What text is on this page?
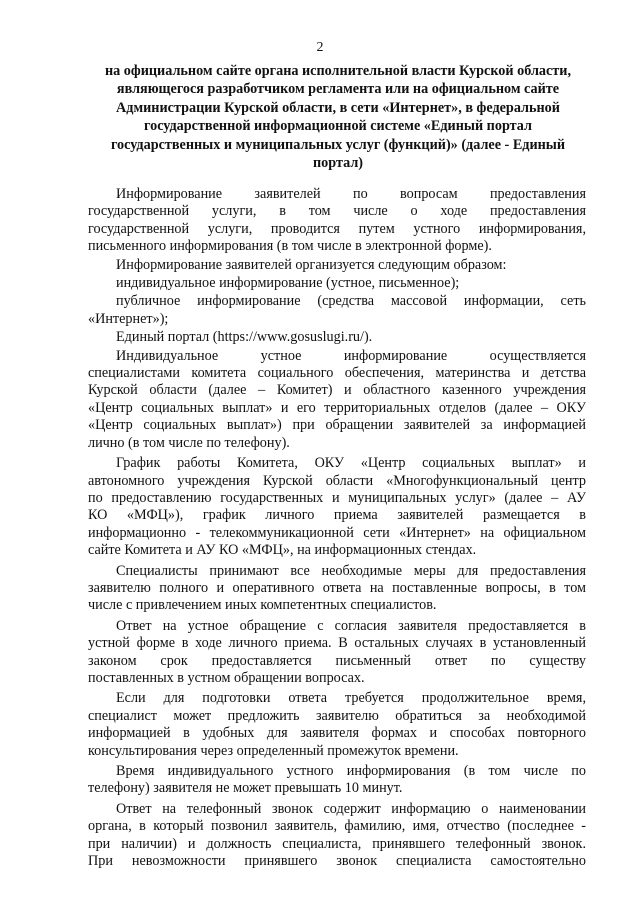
2
на официальном сайте органа исполнительной власти Курской области,
являющегося разработчиком регламента или на официальном сайте
Администрации Курской области, в сети «Интернет», в федеральной
государственной информационной системе «Единый портал
государственных и муниципальных услуг (функций)» (далее - Единый
портал)
Информирование заявителей по вопросам предоставления
государственной услуги, в том числе о ходе предоставления
государственной услуги, проводится путем устного информирования,
письменного информирования (в том числе в электронной форме).
Информирование заявителей организуется следующим образом:
индивидуальное информирование (устное, письменное);
публичное информирование (средства массовой информации, сеть
«Интернет»);
Единый портал (https://www.gosuslugi.ru/).
Индивидуальное устное информирование осуществляется
специалистами комитета социального обеспечения, материнства и детства
Курской области (далее – Комитет) и областного казенного учреждения
«Центр социальных выплат» и его территориальных отделов (далее – ОКУ
«Центр социальных выплат») при обращении заявителей за информацией
лично (в том числе по телефону).
График работы Комитета, ОКУ «Центр социальных выплат» и
автономного учреждения Курской области «Многофункциональный центр
по предоставлению государственных и муниципальных услуг» (далее – АУ
КО «МФЦ»), график личного приема заявителей размещается в
информационно - телекоммуникационной сети «Интернет» на официальном
сайте Комитета и АУ КО «МФЦ», на информационных стендах.
Специалисты принимают все необходимые меры для предоставления
заявителю полного и оперативного ответа на поставленные вопросы, в том
числе с привлечением иных компетентных специалистов.
Ответ на устное обращение с согласия заявителя предоставляется в
устной форме в ходе личного приема. В остальных случаях в установленный
законом срок предоставляется письменный ответ по существу
поставленных в устном обращении вопросах.
Если для подготовки ответа требуется продолжительное время,
специалист может предложить заявителю обратиться за необходимой
информацией в удобных для заявителя формах и способах повторного
консультирования через определенный промежуток времени.
Время индивидуального устного информирования (в том числе по
телефону) заявителя не может превышать 10 минут.
Ответ на телефонный звонок содержит информацию о наименовании
органа, в который позвонил заявитель, фамилию, имя, отчество (последнее -
при наличии) и должность специалиста, принявшего телефонный звонок.
При невозможности принявшего звонок специалиста самостоятельно
